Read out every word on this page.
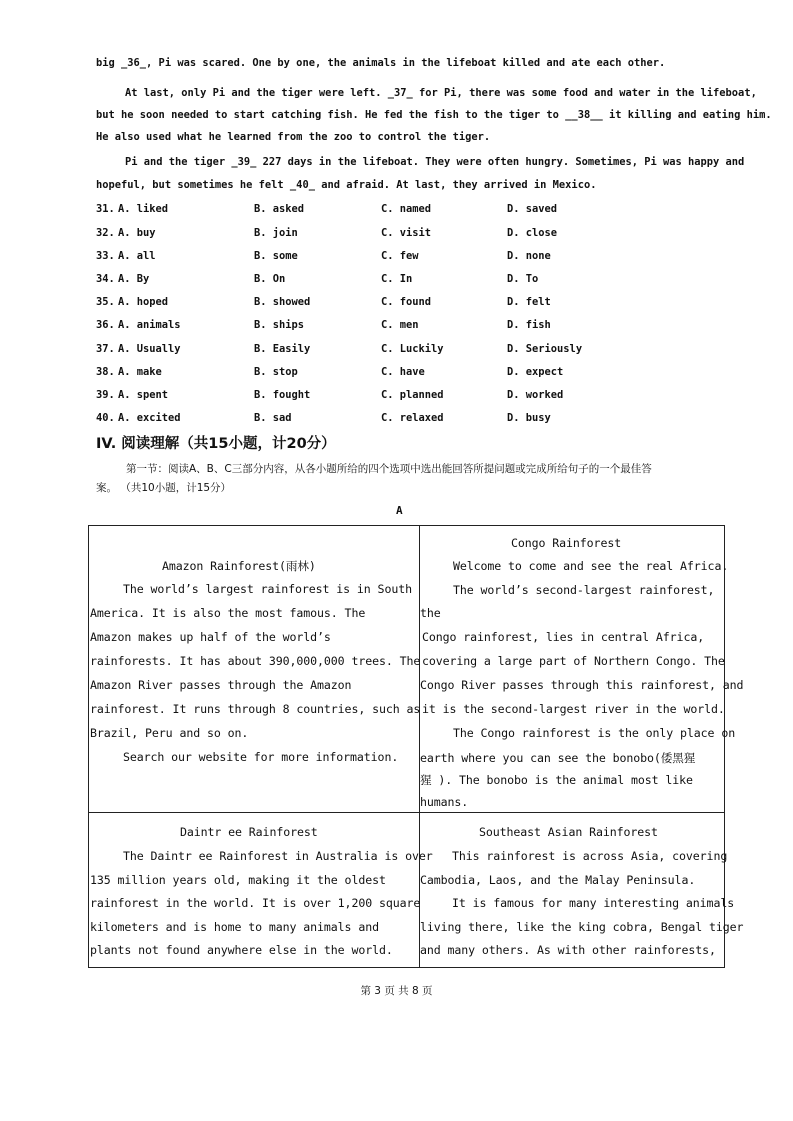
big _36_, Pi was scared. One by one, the animals in the lifeboat killed and ate each other.
At last, only Pi and the tiger were left. _37_ for Pi, there was some food and water in the lifeboat,
but he soon needed to start catching fish. He fed the fish to the tiger to __38__ it killing and eating him.
He also used what he learned from the zoo to control the tiger.
Pi and the tiger _39_ 227 days in the lifeboat. They were often hungry. Sometimes, Pi was happy and
hopeful, but sometimes he felt _40_ and afraid. At last, they arrived in Mexico.
31. A. liked	B. asked	C. named	D. saved
32. A. buy	B. join	C. visit	D. close
33. A. all	B. some	C. few	D. none
34. A. By	B. On	C. In	D. To
35. A. hoped	B. showed	C. found	D. felt
36. A. animals	B. ships	C. men	D. fish
37. A. Usually	B. Easily	C. Luckily	D. Seriously
38. A. make	B. stop	C. have	D. expect
39. A. spent	B. fought	C. planned	D. worked
40. A. excited	B. sad	C. relaxed	D. busy
IV. 阅读理解（共15小题，计20分）
第一节：阅读A、B、C三部分内容，从各小题所给的四个选项中选出能回答所提问题或完成所给句子的一个最佳答
案。 （共10小题，计15分）
A
Amazon Rainforest(雨林)
The world’s largest rainforest is in South
America. It is also the most famous. The
Amazon makes up half of the world’s
rainforests. It has about 390,000,000 trees. The
Amazon River passes through the Amazon
rainforest. It runs through 8 countries, such as
Brazil, Peru and so on.
Search our website for more information.
Congo Rainforest
Welcome to come and see the real Africa.
The world’s second-largest rainforest,
the
Congo rainforest, lies in central Africa,
covering a large part of Northern Congo. The
Congo River passes through this rainforest, and
it is the second-largest river in the world.
The Congo rainforest is the only place on
earth where you can see the bonobo(倭黑猩
猩 ). The bonobo is the animal most like
humans.
Daintr ee Rainforest
The Daintr ee Rainforest in Australia is over
135 million years old, making it the oldest
rainforest in the world. It is over 1,200 square
kilometers and is home to many animals and
plants not found anywhere else in the world.
Southeast Asian Rainforest
This rainforest is across Asia, covering
Cambodia, Laos, and the Malay Peninsula.
It is famous for many interesting animals
living there, like the king cobra, Bengal tiger
and many others. As with other rainforests,
第 3 页 共 8 页
